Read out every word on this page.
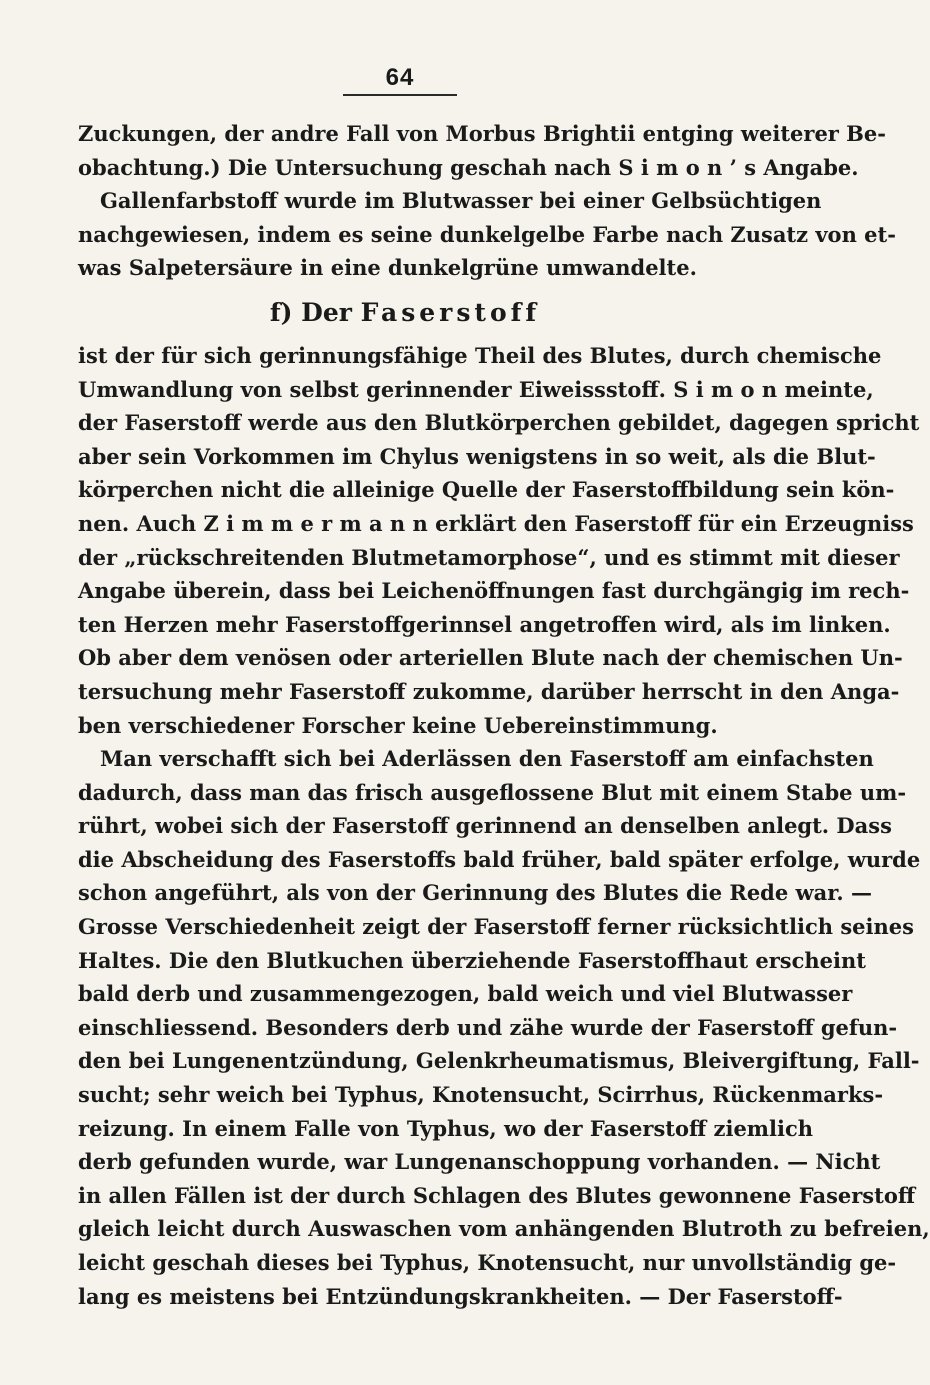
64
Zuckungen, der andre Fall von Morbus Brightii entging weiterer Be-
obachtung.) Die Untersuchung geschah nach S i m o n ’ s Angabe.
Gallenfarbstoff wurde im Blutwasser bei einer Gelbsüchtigen
nachgewiesen, indem es seine dunkelgelbe Farbe nach Zusatz von et-
was Salpetersäure in eine dunkelgrüne umwandelte.
f) Der Faserstoff
ist der für sich gerinnungsfähige Theil des Blutes, durch chemische
Umwandlung von selbst gerinnender Eiweissstoff. S i m o n meinte,
der Faserstoff werde aus den Blutkörperchen gebildet, dagegen spricht
aber sein Vorkommen im Chylus wenigstens in so weit, als die Blut-
körperchen nicht die alleinige Quelle der Faserstoffbildung sein kön-
nen. Auch Z i m m e r m a n n erklärt den Faserstoff für ein Erzeugniss
der „rückschreitenden Blutmetamorphose“, und es stimmt mit dieser
Angabe überein, dass bei Leichenöffnungen fast durchgängig im rech-
ten Herzen mehr Faserstoffgerinnsel angetroffen wird, als im linken.
Ob aber dem venösen oder arteriellen Blute nach der chemischen Un-
tersuchung mehr Faserstoff zukomme, darüber herrscht in den Anga-
ben verschiedener Forscher keine Uebereinstimmung.
Man verschafft sich bei Aderlässen den Faserstoff am einfachsten
dadurch, dass man das frisch ausgeflossene Blut mit einem Stabe um-
rührt, wobei sich der Faserstoff gerinnend an denselben anlegt. Dass
die Abscheidung des Faserstoffs bald früher, bald später erfolge, wurde
schon angeführt, als von der Gerinnung des Blutes die Rede war. —
Grosse Verschiedenheit zeigt der Faserstoff ferner rücksichtlich seines
Haltes. Die den Blutkuchen überziehende Faserstoffhaut erscheint
bald derb und zusammengezogen, bald weich und viel Blutwasser
einschliessend. Besonders derb und zähe wurde der Faserstoff gefun-
den bei Lungenentzündung, Gelenkrheumatismus, Bleivergiftung, Fall-
sucht; sehr weich bei Typhus, Knotensucht, Scirrhus, Rückenmarks-
reizung. In einem Falle von Typhus, wo der Faserstoff ziemlich
derb gefunden wurde, war Lungenanschoppung vorhanden. — Nicht
in allen Fällen ist der durch Schlagen des Blutes gewonnene Faserstoff
gleich leicht durch Auswaschen vom anhängenden Blutroth zu befreien,
leicht geschah dieses bei Typhus, Knotensucht, nur unvollständig ge-
lang es meistens bei Entzündungskrankheiten. — Der Faserstoff-
